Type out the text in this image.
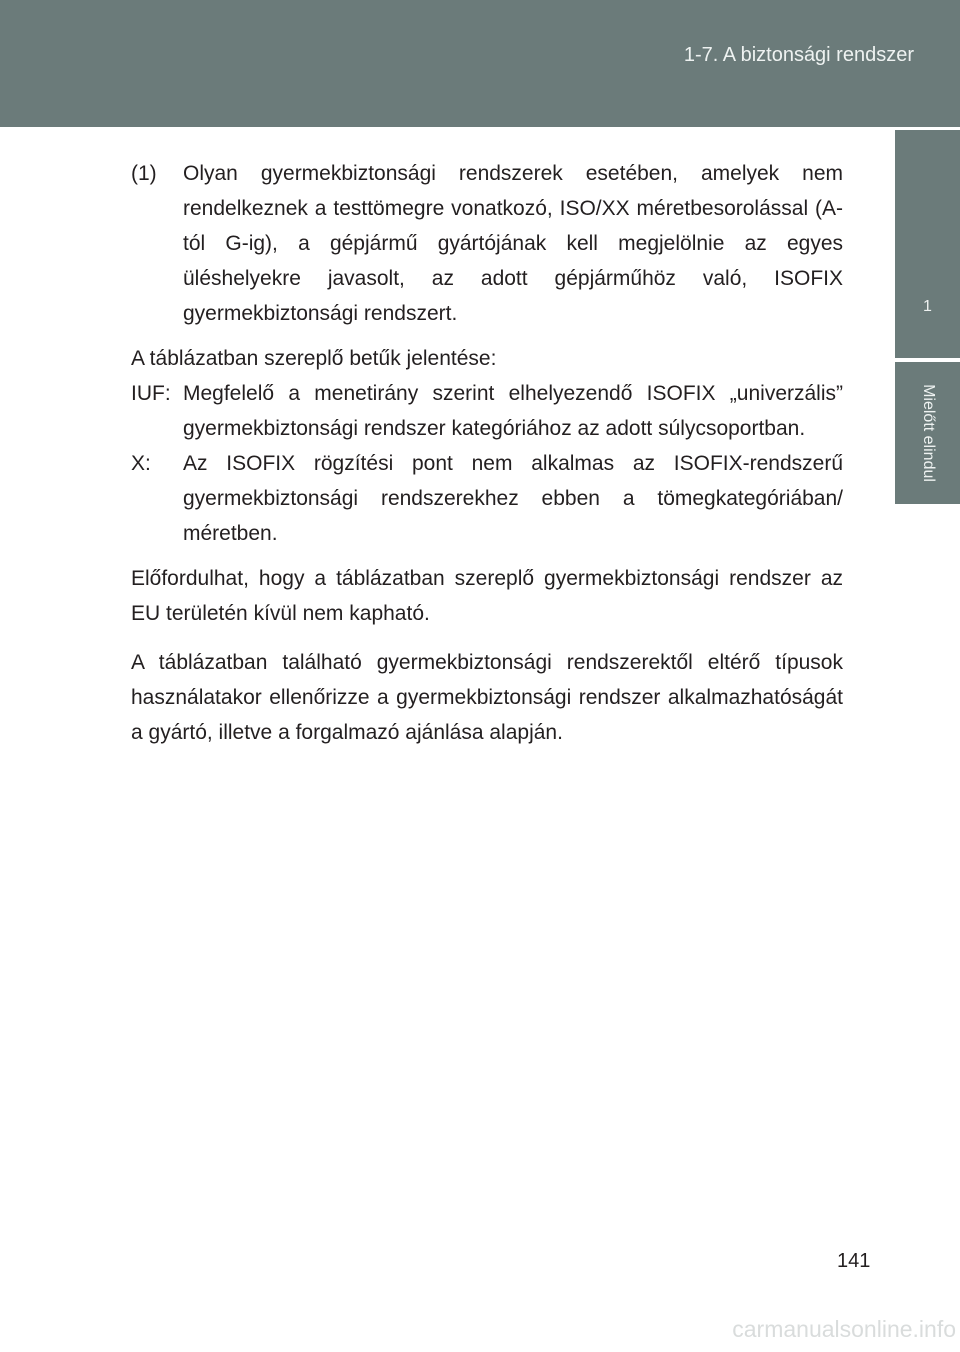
1-7. A biztonsági rendszer
1
Mielőtt elindul
(1)	Olyan gyermekbiztonsági rendszerek esetében, amelyek nem rendelkeznek a testtömegre vonatkozó, ISO/XX méretbesorolással (A-tól G-ig), a gépjármű gyártójának kell megjelölnie az egyes üléshelyekre javasolt, az adott gépjárműhöz való, ISOFIX gyermekbiztonsági rendszert.

A táblázatban szereplő betűk jelentése:

IUF: Megfelelő a menetirány szerint elhelyezendő ISOFIX „univerzális” gyermekbiztonsági rendszer kategóriához az adott súlycsoportban.
X:	Az ISOFIX rögzítési pont nem alkalmas az ISOFIX-rendszerű gyermekbiztonsági rendszerekhez ebben a tömegkategóriában/ méretben.

Előfordulhat, hogy a táblázatban szereplő gyermekbiztonsági rendszer az EU területén kívül nem kapható.

A táblázatban található gyermekbiztonsági rendszerektől eltérő típusok használatakor ellenőrizze a gyermekbiztonsági rendszer alkalmazhatóságát a gyártó, illetve a forgalmazó ajánlása alapján.

141
carmanualsonline.info
